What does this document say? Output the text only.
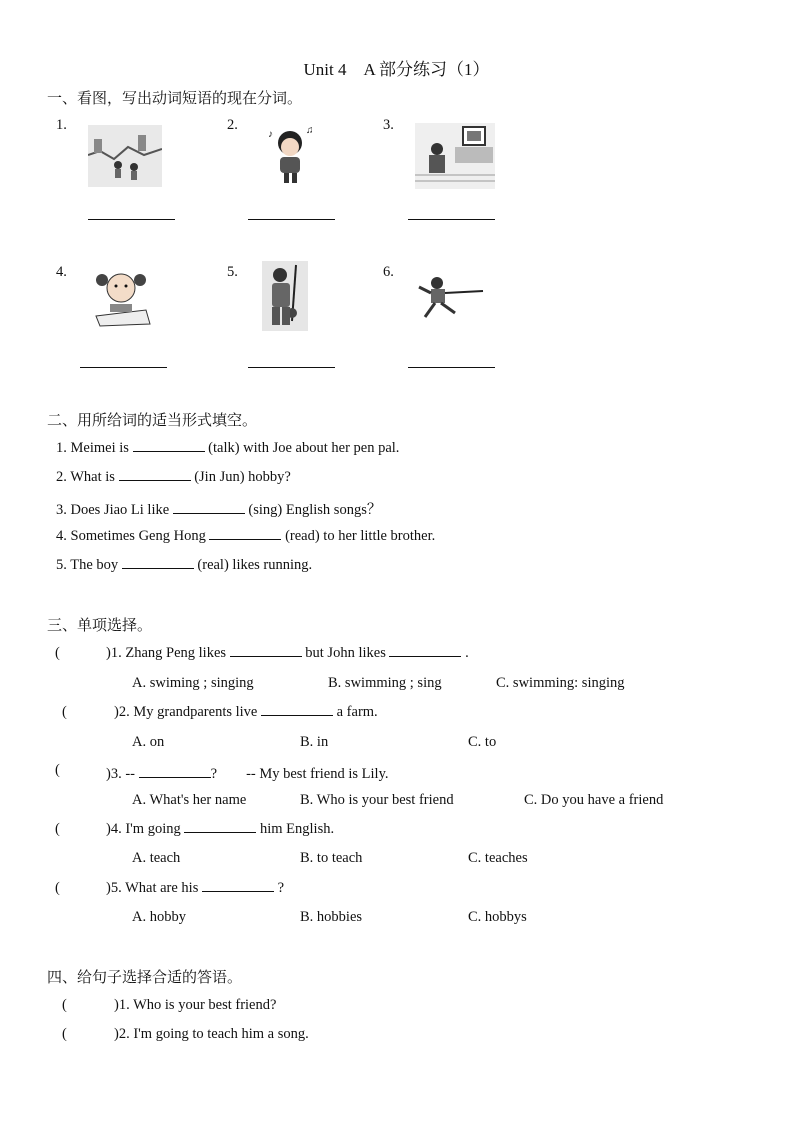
Unit 4　A 部分练习（1）
一、看图，写出动词短语的现在分词。
1.	2.
♪	♫	3.
4.	5.	6.
二、用所给词的适当形式填空。
1. Meimei is	(talk) with Joe about her pen pal.
2. What is	(Jin Jun) hobby?
3. Does Jiao Li like	(sing) English songs？
4. Sometimes Geng Hong	(read) to her little brother.
5. The boy	(real) likes running.
三、单项选择。
(	)1. Zhang Peng likes	but John likes	.
A. swiming ; singing	B. swimming ; sing	C. swimming: singing
(	)2. My grandparents live	a farm.
A. on	B. in	C. to
(	)3. --	?　　-- My best friend is Lily.
A. What's her name	B. Who is your best friend	C. Do you have a friend
(	)4. I'm going	him English.
A. teach	B. to teach	C. teaches
(	)5. What are his	?
A. hobby	B. hobbies	C. hobbys
四、给句子选择合适的答语。
(	)1. Who is your best friend?
(	)2. I'm going to teach him a song.
